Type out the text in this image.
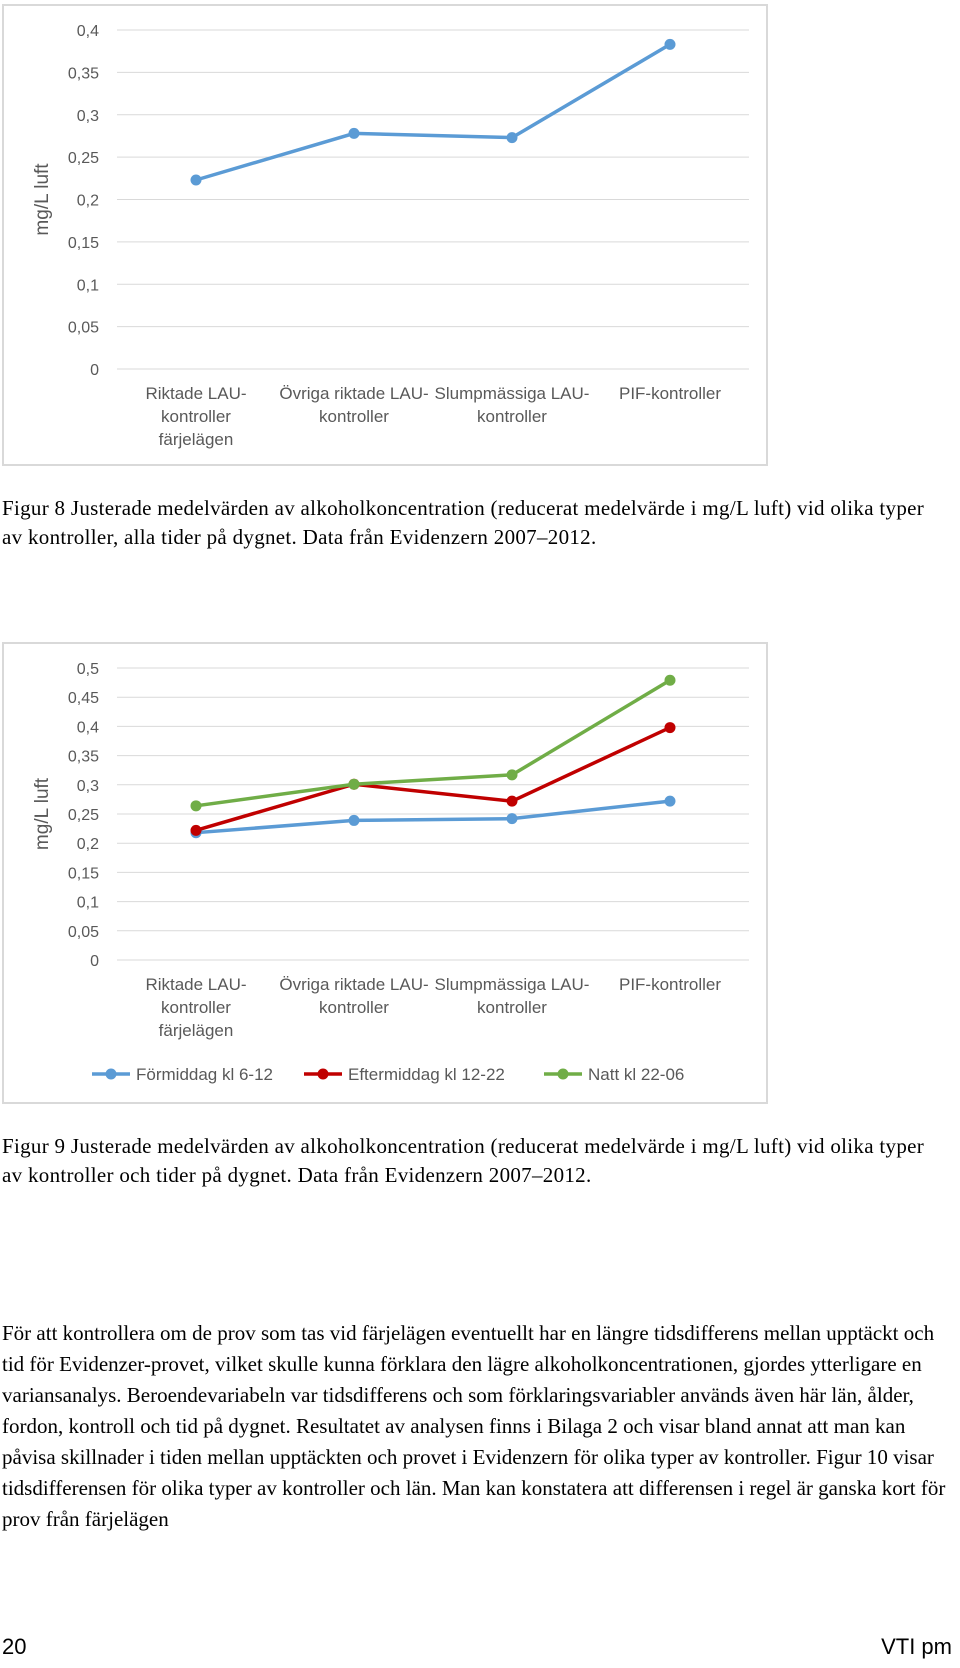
0
0,05
0,1
0,15
0,2
0,25
0,3
0,35
0,4
mg/L luft
Riktade LAU-kontroller färjelägen
Övriga riktade LAU-kontroller
Slumpmässiga LAU-kontroller
PIF-kontroller
Figur 8 Justerade medelvärden av alkoholkoncentration (reducerat medelvärde i mg/L luft) vid olika typer av kontroller, alla tider på dygnet. Data från Evidenzern 2007–2012.
0
0,05
0,1
0,15
0,2
0,25
0,3
0,35
0,4
0,45
0,5
mg/L luft
Riktade LAU-kontroller färjelägen
Övriga riktade LAU-kontroller
Slumpmässiga LAU-kontroller
PIF-kontroller
Förmiddag kl 6-12	Eftermiddag kl 12-22	Natt kl 22-06
Figur 9 Justerade medelvärden av alkoholkoncentration (reducerat medelvärde i mg/L luft) vid olika typer av kontroller och tider på dygnet. Data från Evidenzern 2007–2012.
För att kontrollera om de prov som tas vid färjelägen eventuellt har en längre tidsdifferens mellan upptäckt och tid för Evidenzer-provet, vilket skulle kunna förklara den lägre alkoholkoncentrationen, gjordes ytterligare en variansanalys. Beroendevariabeln var tidsdifferens och som förklaringsvariabler används även här län, ålder, fordon, kontroll och tid på dygnet. Resultatet av analysen finns i Bilaga 2 och visar bland annat att man kan påvisa skillnader i tiden mellan upptäckten och provet i Evidenzern för olika typer av kontroller. Figur 10 visar tidsdifferensen för olika typer av kontroller och län. Man kan konstatera att differensen i regel är ganska kort för prov från färjelägen
20	VTI pm
